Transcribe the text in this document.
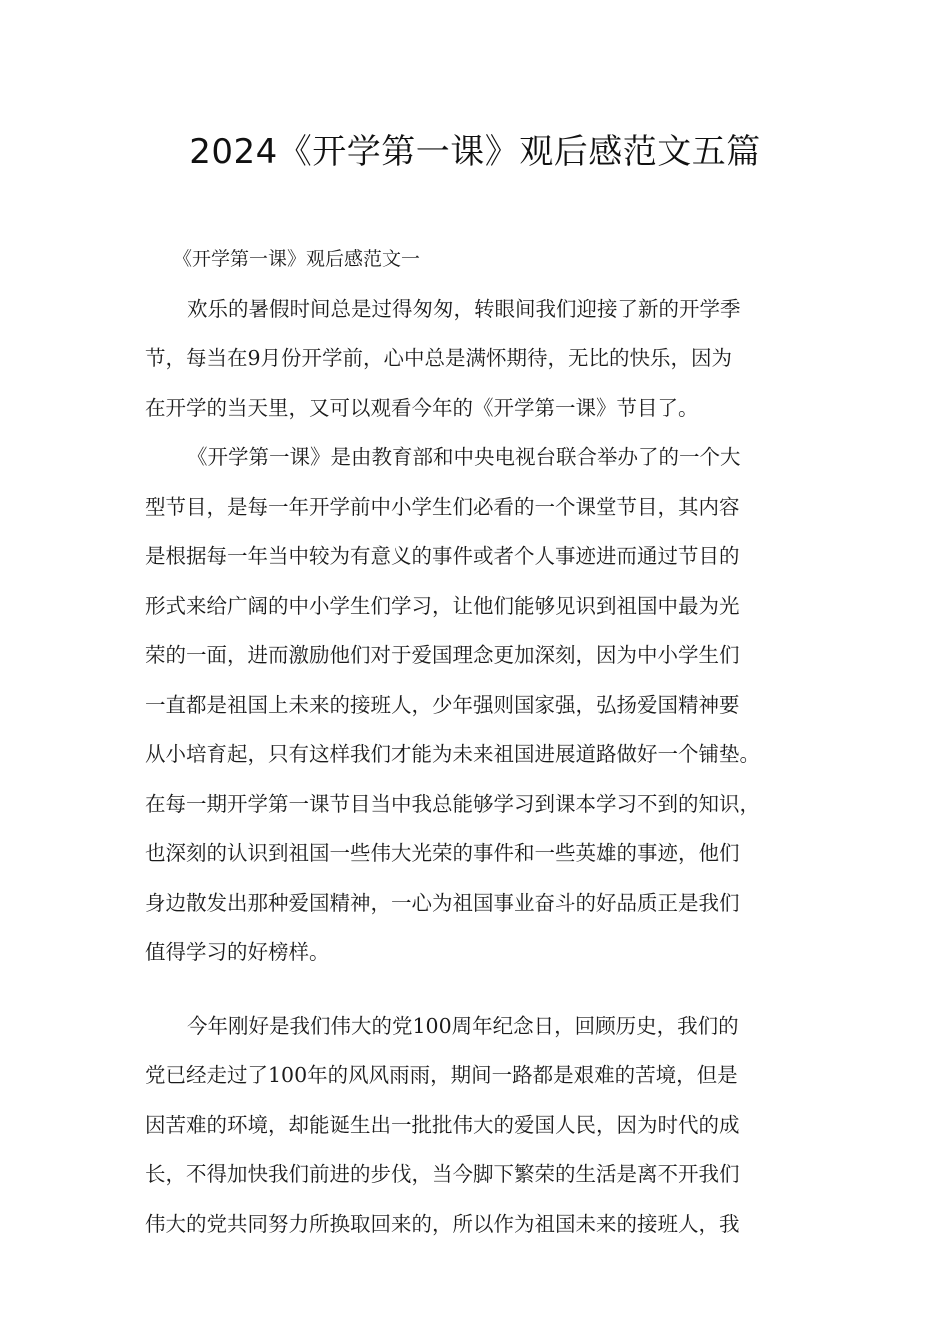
2024《开学第一课》观后感范文五篇
《开学第一课》观后感范文一
欢乐的暑假时间总是过得匆匆，转眼间我们迎接了新的开学季
节，每当在9月份开学前，心中总是满怀期待，无比的快乐，因为
在开学的当天里，又可以观看今年的《开学第一课》节目了。
《开学第一课》是由教育部和中央电视台联合举办了的一个大
型节目，是每一年开学前中小学生们必看的一个课堂节目，其内容
是根据每一年当中较为有意义的事件或者个人事迹进而通过节目的
形式来给广阔的中小学生们学习，让他们能够见识到祖国中最为光
荣的一面，进而激励他们对于爱国理念更加深刻，因为中小学生们
一直都是祖国上未来的接班人，少年强则国家强，弘扬爱国精神要
从小培育起，只有这样我们才能为未来祖国进展道路做好一个铺垫。
在每一期开学第一课节目当中我总能够学习到课本学习不到的知识，
也深刻的认识到祖国一些伟大光荣的事件和一些英雄的事迹，他们
身边散发出那种爱国精神，一心为祖国事业奋斗的好品质正是我们
值得学习的好榜样。
今年刚好是我们伟大的党100周年纪念日，回顾历史，我们的
党已经走过了100年的风风雨雨，期间一路都是艰难的苦境，但是
因苦难的环境，却能诞生出一批批伟大的爱国人民，因为时代的成
长，不得加快我们前进的步伐，当今脚下繁荣的生活是离不开我们
伟大的党共同努力所换取回来的，所以作为祖国未来的接班人，我
